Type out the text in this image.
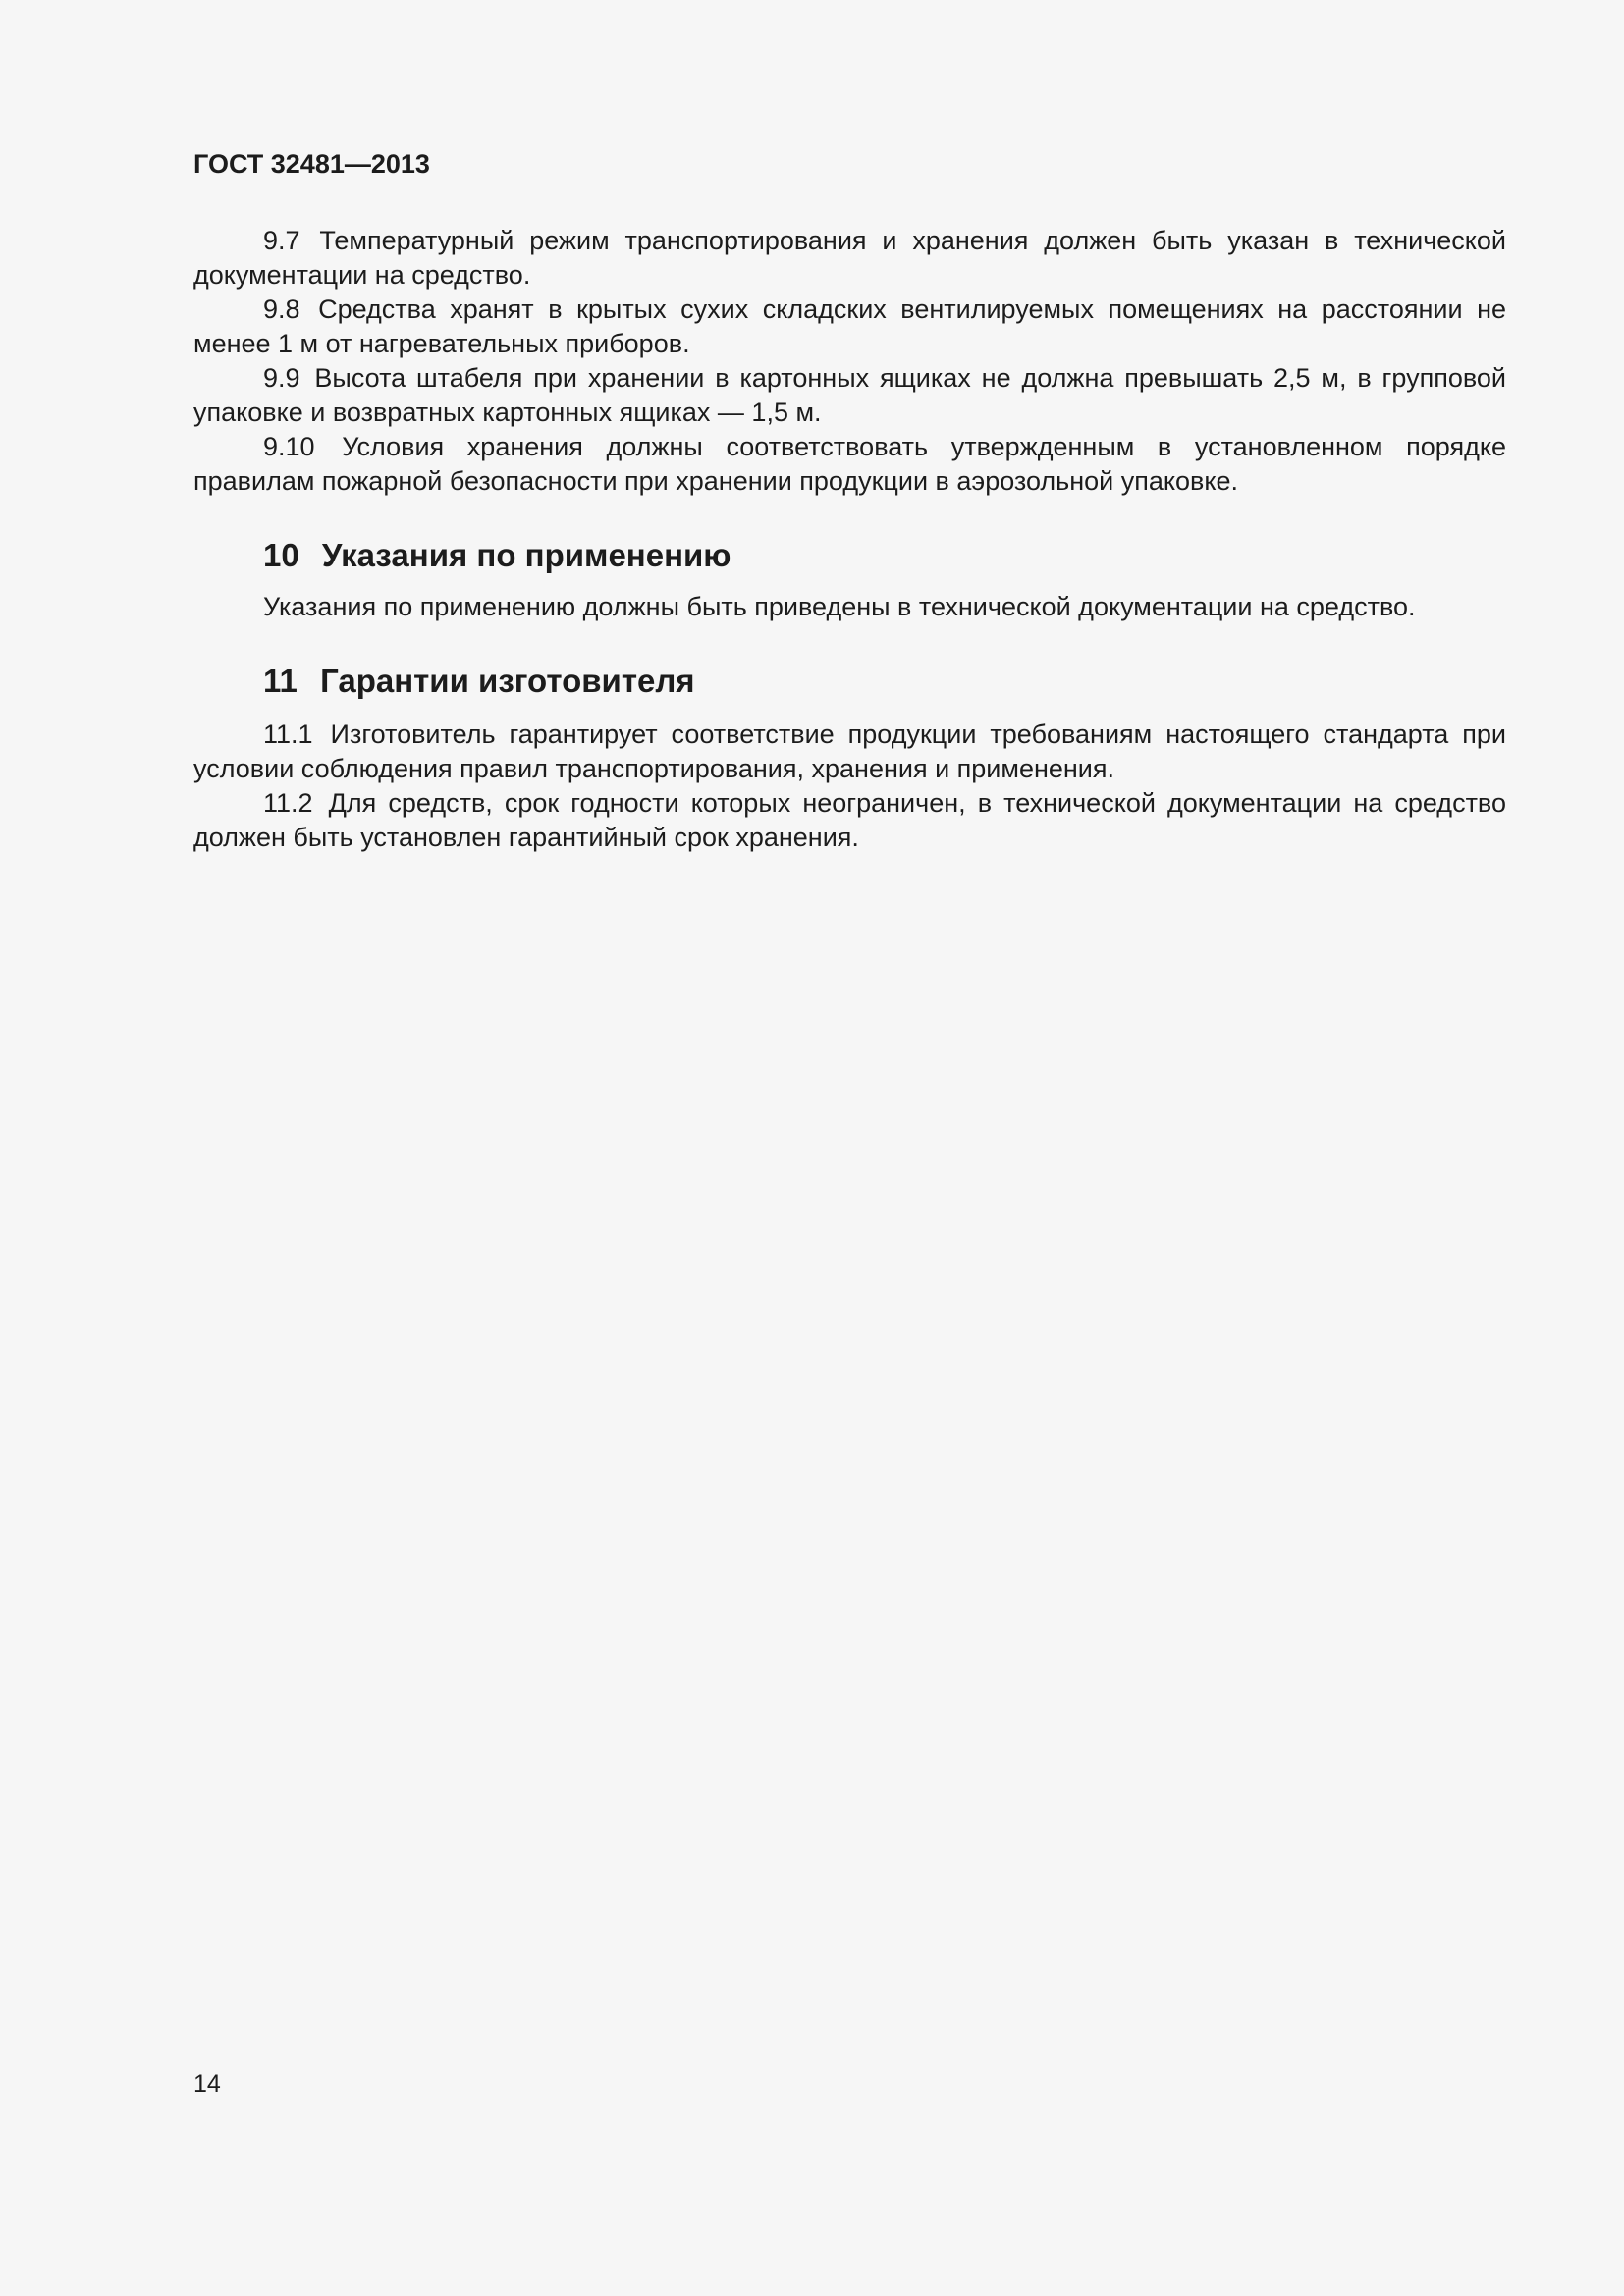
ГОСТ 32481—2013

9.7 Температурный режим транспортирования и хранения должен быть указан в технической документации на средство.

9.8 Средства хранят в крытых сухих складских вентилируемых помещениях на расстоянии не менее 1 м от нагревательных приборов.

9.9 Высота штабеля при хранении в картонных ящиках не должна превышать 2,5 м, в групповой упаковке и возвратных картонных ящиках — 1,5 м.

9.10 Условия хранения должны соответствовать утвержденным в установленном порядке правилам пожарной безопасности при хранении продукции в аэрозольной упаковке.

10 Указания по применению

Указания по применению должны быть приведены в технической документации на средство.

11 Гарантии изготовителя

11.1 Изготовитель гарантирует соответствие продукции требованиям настоящего стандарта при условии соблюдения правил транспортирования, хранения и применения.

11.2 Для средств, срок годности которых неограничен, в технической документации на средство должен быть установлен гарантийный срок хранения.

14
